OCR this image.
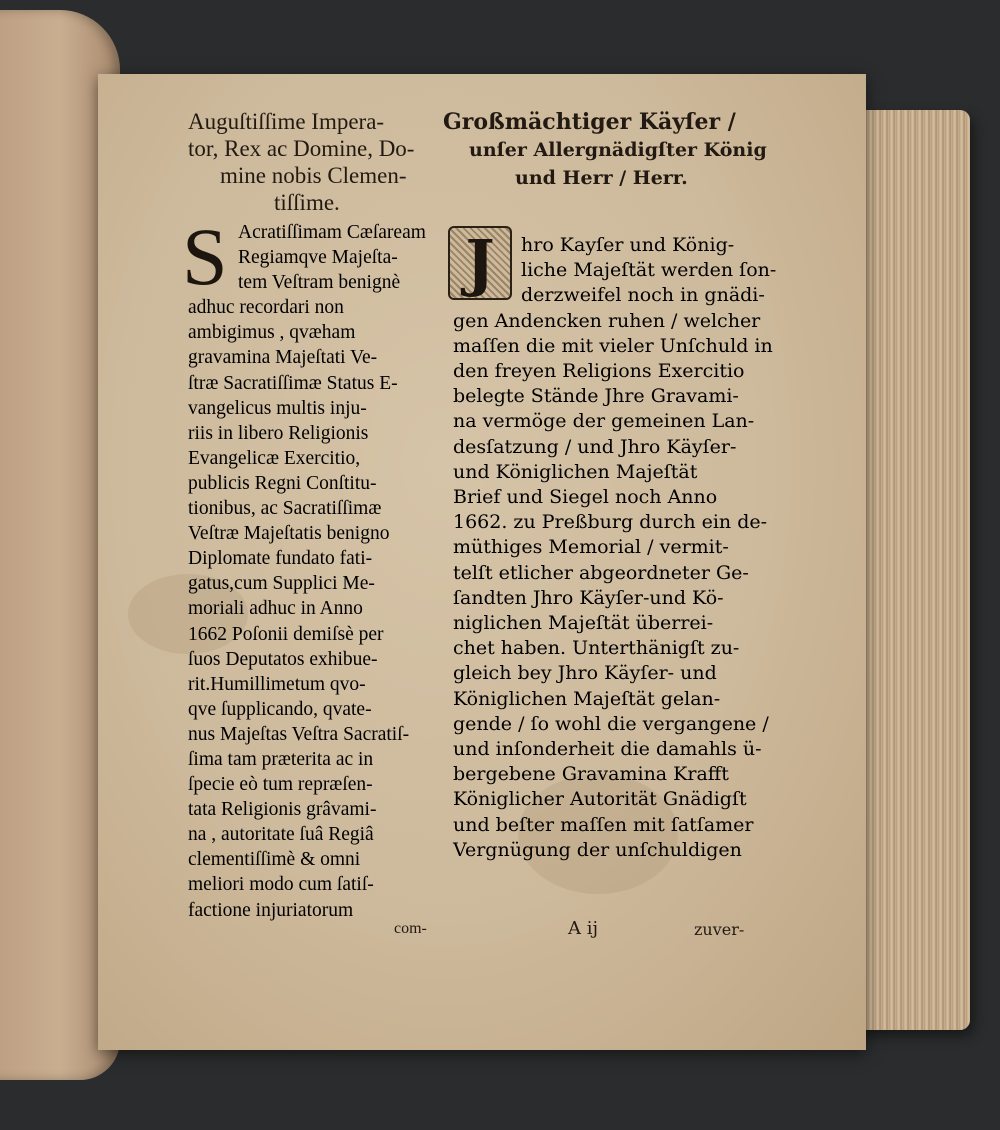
Auguſtiſſime Impera-
tor, Rex ac Domine, Do-
mine nobis Clemen-
tiſſime.
S Acratiſſimam Cæſaream
Regiamqve Majeſta-
tem Veſtram benignè
adhuc recordari non
ambigimus , qvæham
gravamina Majeſtati Ve-
ſtræ Sacratiſſimæ Status E-
vangelicus multis inju-
riis in libero Religionis
Evangelicæ Exercitio,
publicis Regni Conſtitu-
tionibus, ac Sacratiſſimæ
Veſtræ Majeſtatis benigno
Diplomate fundato fati-
gatus,cum Supplici Me-
moriali adhuc in Anno
1662 Poſonii demiſsè per
ſuos Deputatos exhibue-
rit.Humillimetum qvo-
qve ſupplicando, qvate-
nus Majeſtas Veſtra Sacratiſ-
ſima tam præterita ac in
ſpecie eò tum repræſen-
tata Religionis grâvami-
na , autoritate ſuâ Regiâ
clementiſſimè & omni
meliori modo cum ſatiſ-
factione injuriatorum
Großmächtiger Käyſer /
unſer Allergnädigſter König
und Herr / Herr.
J	hro Kayſer und König-
liche Majeſtät werden ſon-
derzweifel noch in gnädi-
gen Andencken ruhen / welcher
maſſen die mit vieler Unſchuld in
den freyen Religions Exercitio
belegte Stände Jhre Gravami-
na vermöge der gemeinen Lan-
desſatzung / und Jhro Käyſer-
und Königlichen Majeſtät
Brief und Siegel noch Anno
1662. zu Preßburg durch ein de-
müthiges Memorial / vermit-
telſt etlicher abgeordneter Ge-
ſandten Jhro Käyſer-und Kö-
niglichen Majeſtät überrei-
chet haben. Unterthänigſt zu-
gleich bey Jhro Käyſer- und
Königlichen Majeſtät gelan-
gende / ſo wohl die vergangene /
und inſonderheit die damahls ü-
bergebene Gravamina Krafft
Königlicher Autorität Gnädigſt
und beſter maſſen mit ſatſamer
Vergnügung der unſchuldigen
com-	A ij	zuver-
